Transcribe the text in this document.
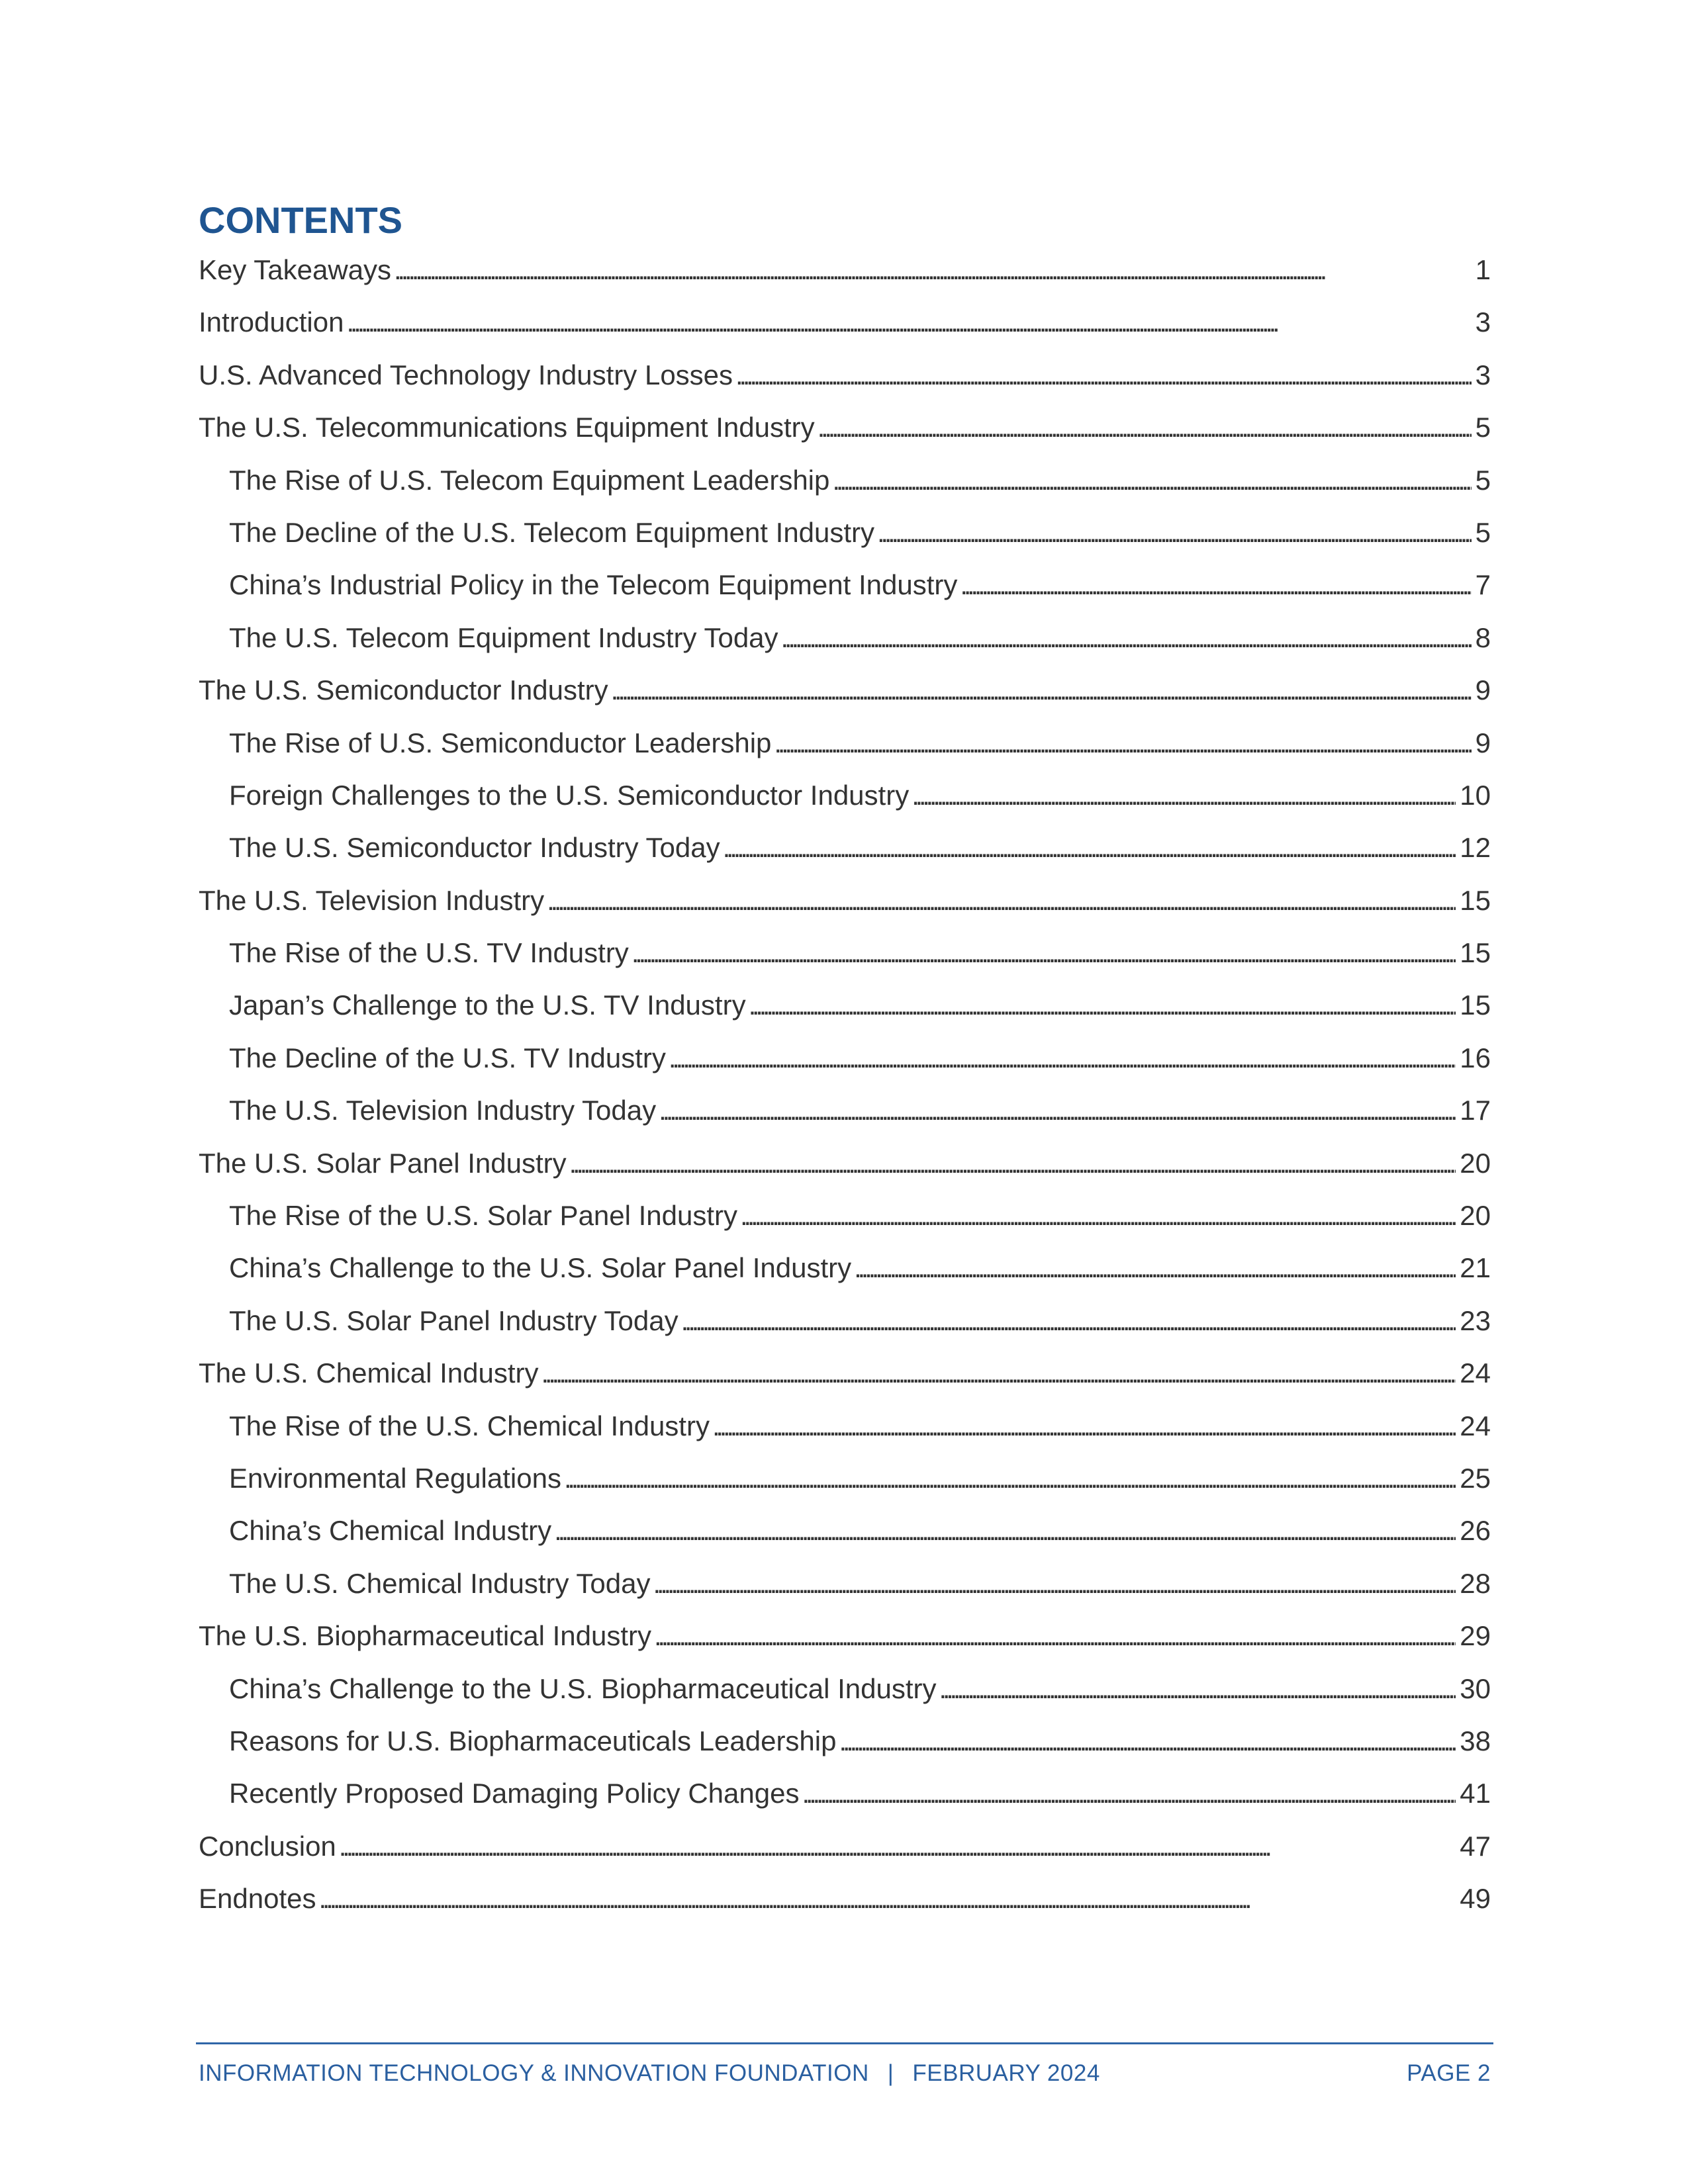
CONTENTS
Key Takeaways . . .	1
Introduction . . .	3
U.S. Advanced Technology Industry Losses . . .	3
The U.S. Telecommunications Equipment Industry . . .	5
The Rise of U.S. Telecom Equipment Leadership . . .	5
The Decline of the U.S. Telecom Equipment Industry . . .	5
China’s Industrial Policy in the Telecom Equipment Industry . . .	7
The U.S. Telecom Equipment Industry Today . . .	8
The U.S. Semiconductor Industry . . .	9
The Rise of U.S. Semiconductor Leadership . . .	9
Foreign Challenges to the U.S. Semiconductor Industry . . .	10
The U.S. Semiconductor Industry Today . . .	12
The U.S. Television Industry . . .	15
The Rise of the U.S. TV Industry . . .	15
Japan’s Challenge to the U.S. TV Industry . . .	15
The Decline of the U.S. TV Industry . . .	16
The U.S. Television Industry Today . . .	17
The U.S. Solar Panel Industry . . .	20
The Rise of the U.S. Solar Panel Industry . . .	20
China’s Challenge to the U.S. Solar Panel Industry . . .	21
The U.S. Solar Panel Industry Today . . .	23
The U.S. Chemical Industry . . .	24
The Rise of the U.S. Chemical Industry . . .	24
Environmental Regulations . . .	25
China’s Chemical Industry . . .	26
The U.S. Chemical Industry Today . . .	28
The U.S. Biopharmaceutical Industry . . .	29
China’s Challenge to the U.S. Biopharmaceutical Industry . . .	30
Reasons for U.S. Biopharmaceuticals Leadership . . .	38
Recently Proposed Damaging Policy Changes . . .	41
Conclusion . . .	47
Endnotes . . .	49
INFORMATION TECHNOLOGY & INNOVATION FOUNDATION | FEBRUARY 2024	PAGE 2
